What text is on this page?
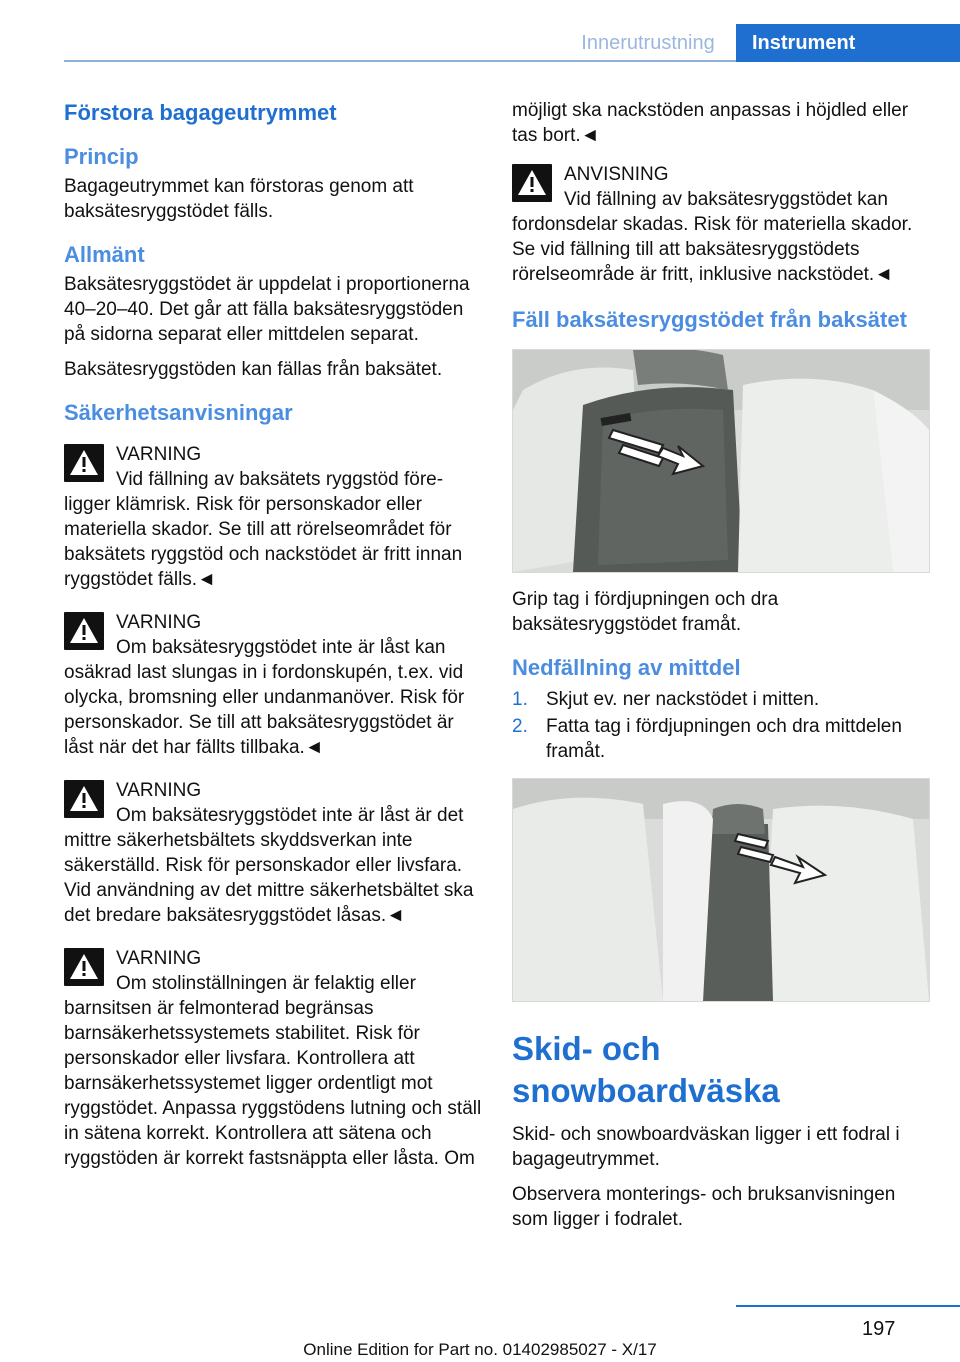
Innerutrustning	Instrument
Förstora bagageutrymmet
Princip

Bagageutrymmet kan förstoras genom att baksätesryggstödet fälls.

Allmänt

Baksätesryggstödet är uppdelat i proportionerna 40–20–40. Det går att fälla baksätesryggstöden på sidorna separat eller mittdelen separat.

Baksätesryggstöden kan fällas från baksätet.

Säkerhetsanvisningar
VARNING
Vid fällning av baksätets ryggstöd före-
ligger klämrisk. Risk för personskador eller materiella skador. Se till att rörelseområdet för baksätets ryggstöd och nackstödet är fritt innan ryggstödet fälls.◄
VARNING
Om baksätesryggstödet inte är låst kan
osäkrad last slungas in i fordonskupén, t.ex. vid olycka, bromsning eller undanmanöver. Risk för personskador. Se till att baksätesryggstödet är låst när det har fällts tillbaka.◄
VARNING
Om baksätesryggstödet inte är låst är det
mittre säkerhetsbältets skyddsverkan inte säkerställd. Risk för personskador eller livsfara. Vid användning av det mittre säkerhetsbältet ska det bredare baksätesryggstödet låsas.◄
VARNING
Om stolinställningen är felaktig eller
barnsitsen är felmonterad begränsas barnsäkerhetssystemets stabilitet. Risk för personskador eller livsfara. Kontrollera att barnsäkerhetssystemet ligger ordentligt mot ryggstödet. Anpassa ryggstödens lutning och ställ in sätena korrekt. Kontrollera att sätena och ryggstöden är korrekt fastsnäppta eller låsta. Om

möjligt ska nackstöden anpassas i höjdled eller tas bort.◄

ANVISNING
Vid fällning av baksätesryggstödet kan
fordonsdelar skadas. Risk för materiella skador. Se vid fällning till att baksätesryggstödets rörelseområde är fritt, inklusive nackstödet.◄
Fäll baksätesryggstödet från baksätet

Grip tag i fördjupningen och dra baksätesryggstödet framåt.

Nedfällning av mittdel
1. Skjut ev. ner nackstödet i mitten.
2. Fatta tag i fördjupningen och dra mittdelen framåt.
Skid- och snowboardväska

Skid- och snowboardväskan ligger i ett fodral i bagageutrymmet.

Observera monterings- och bruksanvisningen som ligger i fodralet.

197
Online Edition for Part no. 01402985027 - X/17
